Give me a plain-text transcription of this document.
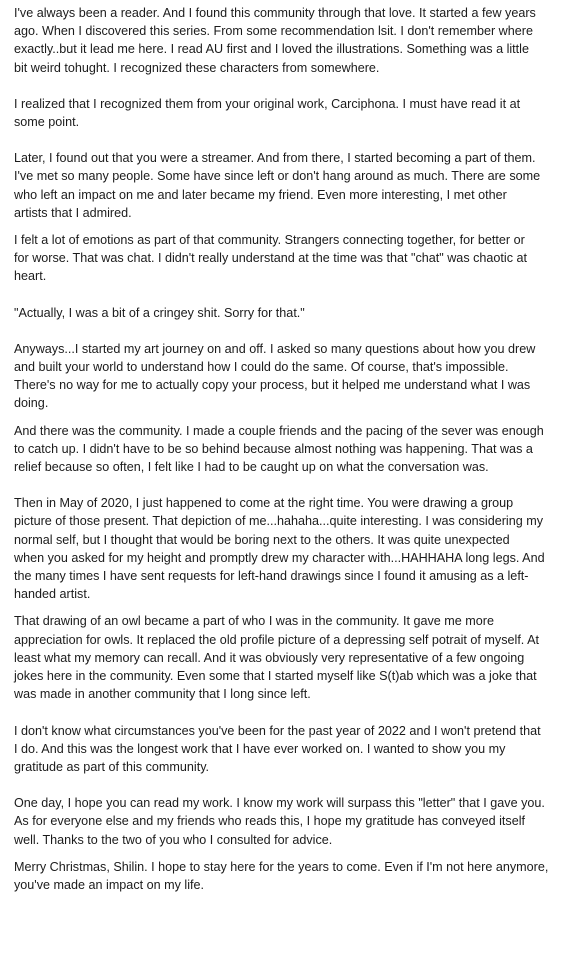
I've always been a reader. And I found this community through that love. It started a few years
ago. When I discovered this series. From some recommendation lsit. I don't remember where
exactly..but it lead me here. I read AU first and I loved the illustrations. Something was a little
bit weird tohught. I recognized these characters from somewhere.

I realized that I recognized them from your original work, Carciphona. I must have read it at
some point.

Later, I found out that you were a streamer. And from there, I started becoming a part of them.
I've met so many people. Some have since left or don't hang around as much. There are some
who left an impact on me and later became my friend. Even more interesting, I met other
artists that I admired.

I felt a lot of emotions as part of that community. Strangers connecting together, for better or
for worse. That was chat. I didn't really understand at the time was that "chat" was chaotic at
heart.

"Actually, I was a bit of a cringey shit. Sorry for that."

Anyways...I started my art journey on and off. I asked so many questions about how you drew
and built your world to understand how I could do the same. Of course, that's impossible.
There's no way for me to actually copy your process, but it helped me understand what I was
doing.

And there was the community. I made a couple friends and the pacing of the sever was enough
to catch up. I didn't have to be so behind because almost nothing was happening. That was a
relief because so often, I felt like I had to be caught up on what the conversation was.

Then in May of 2020, I just happened to come at the right time. You were drawing a group
picture of those present. That depiction of me...hahaha...quite interesting. I was considering my
normal self, but I thought that would be boring next to the others. It was quite unexpected
when you asked for my height and promptly drew my character with...HAHHAHA long legs. And
the many times I have sent requests for left-hand drawings since I found it amusing as a left-
handed artist.

That drawing of an owl became a part of who I was in the community. It gave me more
appreciation for owls. It replaced the old profile picture of a depressing self potrait of myself. At
least what my memory can recall. And it was obviously very representative of a few ongoing
jokes here in the community. Even some that I started myself like S(t)ab which was a joke that
was made in another community that I long since left.

I don't know what circumstances you've been for the past year of 2022 and I won't pretend that
I do. And this was the longest work that I have ever worked on. I wanted to show you my
gratitude as part of this community.

One day, I hope you can read my work. I know my work will surpass this "letter" that I gave you.
As for everyone else and my friends who reads this, I hope my gratitude has conveyed itself
well. Thanks to the two of you who I consulted for advice.

Merry Christmas, Shilin. I hope to stay here for the years to come. Even if I'm not here anymore,
you've made an impact on my life.
